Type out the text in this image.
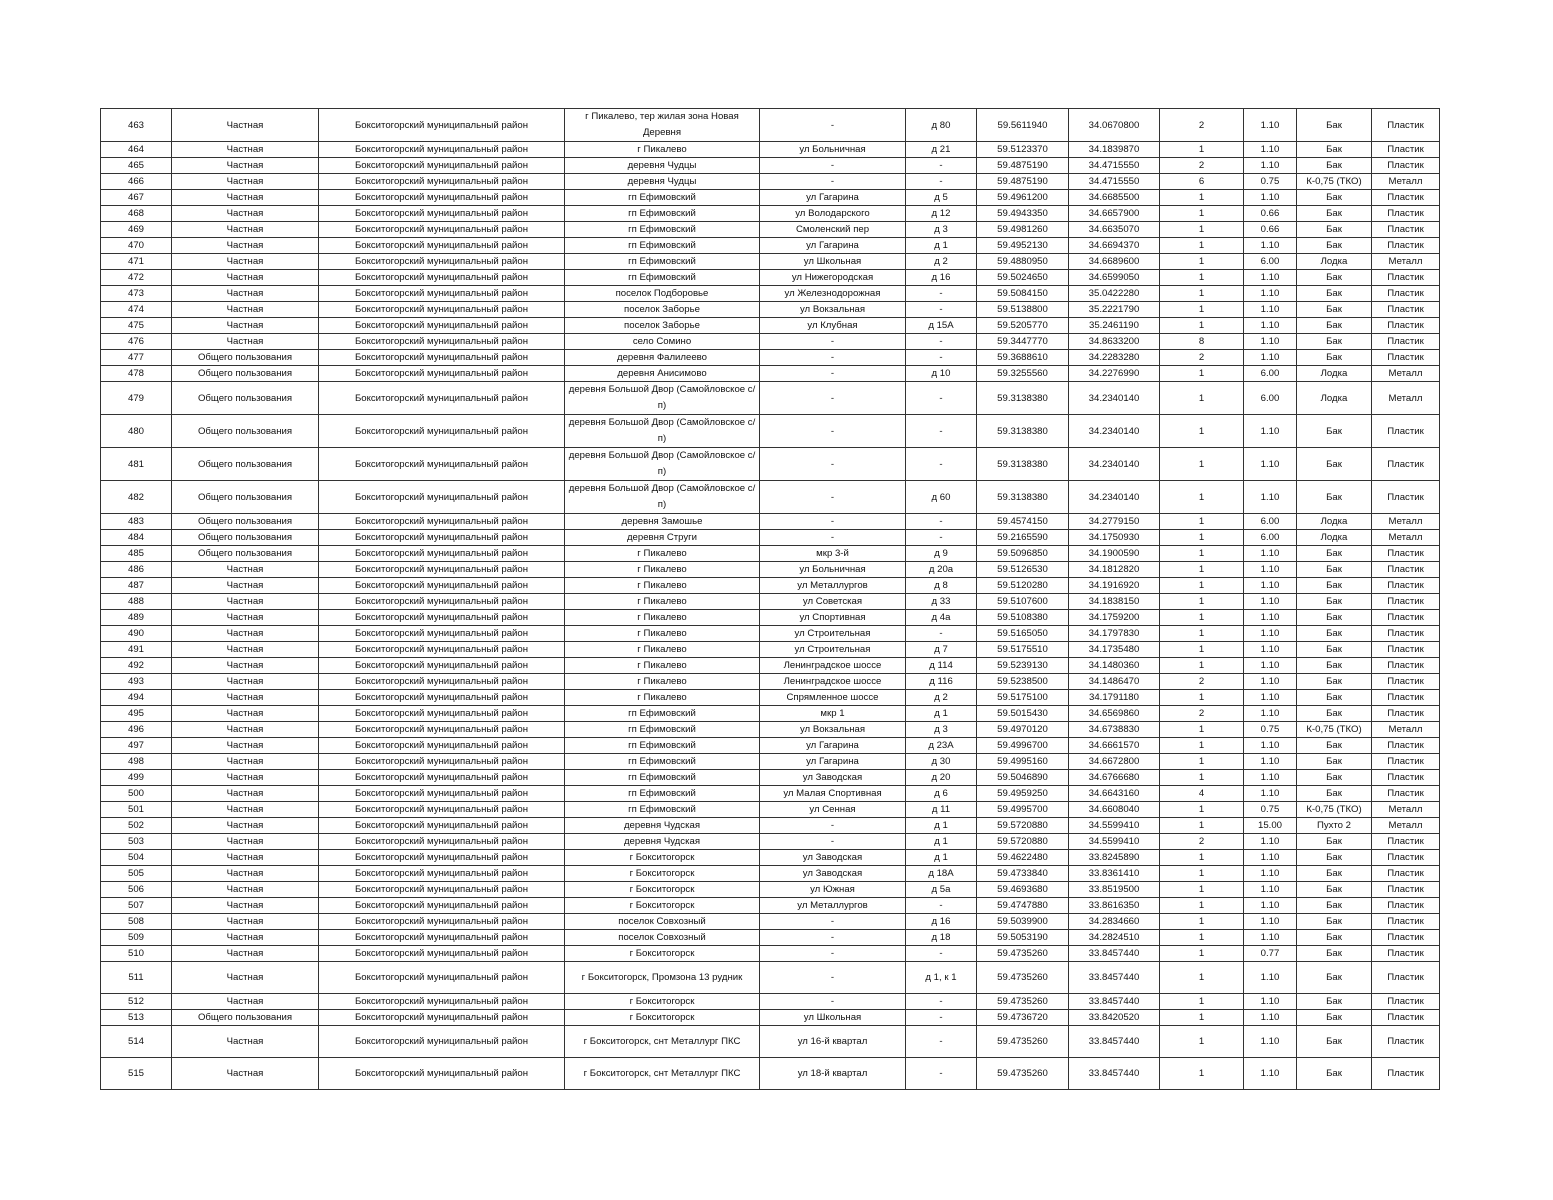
463	Частная	Бокситогорский муниципальный район	г Пикалево, тер жилая зона Новая Деревня	-	д 80	59.5611940	34.0670800	2	1.10	Бак	Пластик
464	Частная	Бокситогорский муниципальный район	г Пикалево	ул Больничная	д 21	59.5123370	34.1839870	1	1.10	Бак	Пластик
465	Частная	Бокситогорский муниципальный район	деревня Чудцы	-	-	59.4875190	34.4715550	2	1.10	Бак	Пластик
466	Частная	Бокситогорский муниципальный район	деревня Чудцы	-	-	59.4875190	34.4715550	6	0.75	К-0,75 (ТКО)	Металл
467	Частная	Бокситогорский муниципальный район	гп Ефимовский	ул Гагарина	д 5	59.4961200	34.6685500	1	1.10	Бак	Пластик
468	Частная	Бокситогорский муниципальный район	гп Ефимовский	ул Володарского	д 12	59.4943350	34.6657900	1	0.66	Бак	Пластик
469	Частная	Бокситогорский муниципальный район	гп Ефимовский	Смоленский пер	д 3	59.4981260	34.6635070	1	0.66	Бак	Пластик
470	Частная	Бокситогорский муниципальный район	гп Ефимовский	ул Гагарина	д 1	59.4952130	34.6694370	1	1.10	Бак	Пластик
471	Частная	Бокситогорский муниципальный район	гп Ефимовский	ул Школьная	д 2	59.4880950	34.6689600	1	6.00	Лодка	Металл
472	Частная	Бокситогорский муниципальный район	гп Ефимовский	ул Нижегородская	д 16	59.5024650	34.6599050	1	1.10	Бак	Пластик
473	Частная	Бокситогорский муниципальный район	поселок Подборовье	ул Железнодорожная	-	59.5084150	35.0422280	1	1.10	Бак	Пластик
474	Частная	Бокситогорский муниципальный район	поселок Заборье	ул Вокзальная	-	59.5138800	35.2221790	1	1.10	Бак	Пластик
475	Частная	Бокситогорский муниципальный район	поселок Заборье	ул Клубная	д 15А	59.5205770	35.2461190	1	1.10	Бак	Пластик
476	Частная	Бокситогорский муниципальный район	село Сомино	-	-	59.3447770	34.8633200	8	1.10	Бак	Пластик
477	Общего пользования	Бокситогорский муниципальный район	деревня Фалилеево	-	-	59.3688610	34.2283280	2	1.10	Бак	Пластик
478	Общего пользования	Бокситогорский муниципальный район	деревня Анисимово	-	д 10	59.3255560	34.2276990	1	6.00	Лодка	Металл
479	Общего пользования	Бокситогорский муниципальный район	деревня Большой Двор (Самойловское с/п)	-	-	59.3138380	34.2340140	1	6.00	Лодка	Металл
480	Общего пользования	Бокситогорский муниципальный район	деревня Большой Двор (Самойловское с/п)	-	-	59.3138380	34.2340140	1	1.10	Бак	Пластик
481	Общего пользования	Бокситогорский муниципальный район	деревня Большой Двор (Самойловское с/п)	-	-	59.3138380	34.2340140	1	1.10	Бак	Пластик
482	Общего пользования	Бокситогорский муниципальный район	деревня Большой Двор (Самойловское с/п)	-	д 60	59.3138380	34.2340140	1	1.10	Бак	Пластик
483	Общего пользования	Бокситогорский муниципальный район	деревня Замошье	-	-	59.4574150	34.2779150	1	6.00	Лодка	Металл
484	Общего пользования	Бокситогорский муниципальный район	деревня Струги	-	-	59.2165590	34.1750930	1	6.00	Лодка	Металл
485	Общего пользования	Бокситогорский муниципальный район	г Пикалево	мкр 3-й	д 9	59.5096850	34.1900590	1	1.10	Бак	Пластик
486	Частная	Бокситогорский муниципальный район	г Пикалево	ул Больничная	д 20а	59.5126530	34.1812820	1	1.10	Бак	Пластик
487	Частная	Бокситогорский муниципальный район	г Пикалево	ул Металлургов	д 8	59.5120280	34.1916920	1	1.10	Бак	Пластик
488	Частная	Бокситогорский муниципальный район	г Пикалево	ул Советская	д 33	59.5107600	34.1838150	1	1.10	Бак	Пластик
489	Частная	Бокситогорский муниципальный район	г Пикалево	ул Спортивная	д 4а	59.5108380	34.1759200	1	1.10	Бак	Пластик
490	Частная	Бокситогорский муниципальный район	г Пикалево	ул Строительная	-	59.5165050	34.1797830	1	1.10	Бак	Пластик
491	Частная	Бокситогорский муниципальный район	г Пикалево	ул Строительная	д 7	59.5175510	34.1735480	1	1.10	Бак	Пластик
492	Частная	Бокситогорский муниципальный район	г Пикалево	Ленинградское шоссе	д 114	59.5239130	34.1480360	1	1.10	Бак	Пластик
493	Частная	Бокситогорский муниципальный район	г Пикалево	Ленинградское шоссе	д 116	59.5238500	34.1486470	2	1.10	Бак	Пластик
494	Частная	Бокситогорский муниципальный район	г Пикалево	Спрямленное шоссе	д 2	59.5175100	34.1791180	1	1.10	Бак	Пластик
495	Частная	Бокситогорский муниципальный район	гп Ефимовский	мкр 1	д 1	59.5015430	34.6569860	2	1.10	Бак	Пластик
496	Частная	Бокситогорский муниципальный район	гп Ефимовский	ул Вокзальная	д 3	59.4970120	34.6738830	1	0.75	К-0,75 (ТКО)	Металл
497	Частная	Бокситогорский муниципальный район	гп Ефимовский	ул Гагарина	д 23А	59.4996700	34.6661570	1	1.10	Бак	Пластик
498	Частная	Бокситогорский муниципальный район	гп Ефимовский	ул Гагарина	д 30	59.4995160	34.6672800	1	1.10	Бак	Пластик
499	Частная	Бокситогорский муниципальный район	гп Ефимовский	ул Заводская	д 20	59.5046890	34.6766680	1	1.10	Бак	Пластик
500	Частная	Бокситогорский муниципальный район	гп Ефимовский	ул Малая Спортивная	д 6	59.4959250	34.6643160	4	1.10	Бак	Пластик
501	Частная	Бокситогорский муниципальный район	гп Ефимовский	ул Сенная	д 11	59.4995700	34.6608040	1	0.75	К-0,75 (ТКО)	Металл
502	Частная	Бокситогорский муниципальный район	деревня Чудская	-	д 1	59.5720880	34.5599410	1	15.00	Пухто 2	Металл
503	Частная	Бокситогорский муниципальный район	деревня Чудская	-	д 1	59.5720880	34.5599410	2	1.10	Бак	Пластик
504	Частная	Бокситогорский муниципальный район	г Бокситогорск	ул Заводская	д 1	59.4622480	33.8245890	1	1.10	Бак	Пластик
505	Частная	Бокситогорский муниципальный район	г Бокситогорск	ул Заводская	д 18А	59.4733840	33.8361410	1	1.10	Бак	Пластик
506	Частная	Бокситогорский муниципальный район	г Бокситогорск	ул Южная	д 5а	59.4693680	33.8519500	1	1.10	Бак	Пластик
507	Частная	Бокситогорский муниципальный район	г Бокситогорск	ул Металлургов	-	59.4747880	33.8616350	1	1.10	Бак	Пластик
508	Частная	Бокситогорский муниципальный район	поселок Совхозный	-	д 16	59.5039900	34.2834660	1	1.10	Бак	Пластик
509	Частная	Бокситогорский муниципальный район	поселок Совхозный	-	д 18	59.5053190	34.2824510	1	1.10	Бак	Пластик
510	Частная	Бокситогорский муниципальный район	г Бокситогорск	-	-	59.4735260	33.8457440	1	0.77	Бак	Пластик
511	Частная	Бокситогорский муниципальный район	г Бокситогорск, Промзона 13 рудник	-	д 1, к 1	59.4735260	33.8457440	1	1.10	Бак	Пластик
512	Частная	Бокситогорский муниципальный район	г Бокситогорск	-	-	59.4735260	33.8457440	1	1.10	Бак	Пластик
513	Общего пользования	Бокситогорский муниципальный район	г Бокситогорск	ул Школьная	-	59.4736720	33.8420520	1	1.10	Бак	Пластик
514	Частная	Бокситогорский муниципальный район	г Бокситогорск, снт Металлург ПКС	ул 16-й квартал	-	59.4735260	33.8457440	1	1.10	Бак	Пластик
515	Частная	Бокситогорский муниципальный район	г Бокситогорск, снт Металлург ПКС	ул 18-й квартал	-	59.4735260	33.8457440	1	1.10	Бак	Пластик
